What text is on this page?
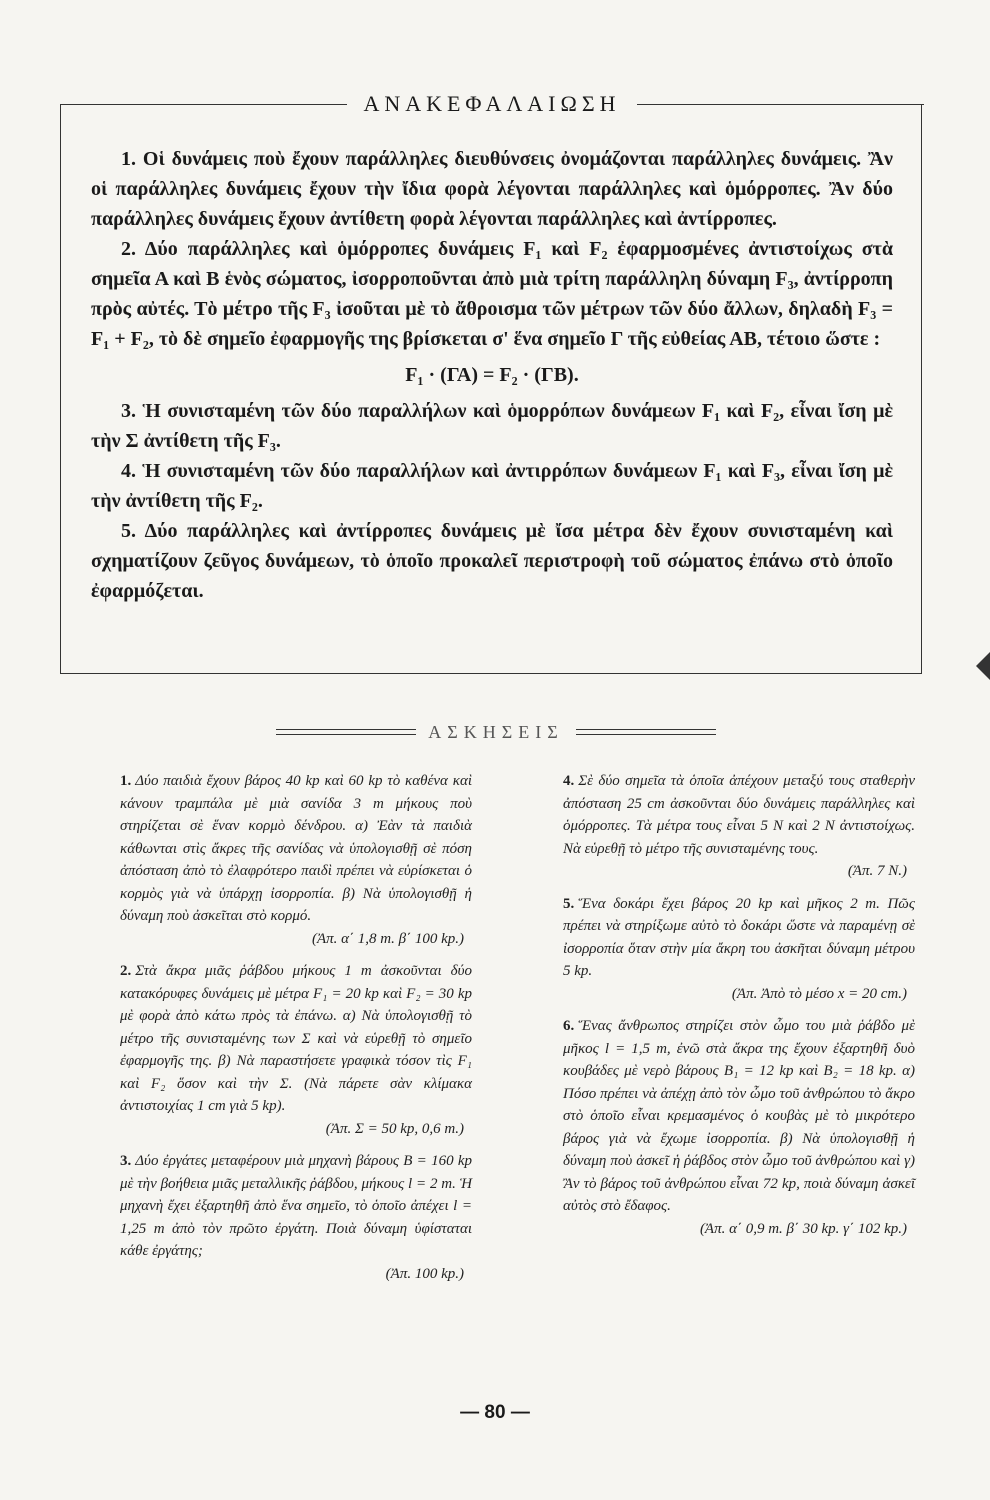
ΑΝΑΚΕΦΑΛΑΙΩΣΗ

1. Οἱ δυνάμεις ποὺ ἔχουν παράλληλες διευθύνσεις ὀνομάζονται παράλληλες δυνάμεις. Ἂν οἱ παράλληλες δυνάμεις ἔχουν τὴν ἴδια φορὰ λέγονται παράλληλες καὶ ὁμόρροπες. Ἂν δύο παράλληλες δυνάμεις ἔχουν ἀντίθετη φορὰ λέγονται παράλληλες καὶ ἀντίρροπες.

2. Δύο παράλληλες καὶ ὁμόρροπες δυνάμεις F₁ καὶ F₂ ἐφαρμοσμένες ἀντιστοίχως στὰ σημεῖα Α καὶ Β ἑνὸς σώματος, ἰσορροποῦνται ἀπὸ μιὰ τρίτη παράλληλη δύναμη F₃, ἀντίρροπη πρὸς αὐτές. Τὸ μέτρο τῆς F₃ ἰσοῦται μὲ τὸ ἄθροισμα τῶν μέτρων τῶν δύο ἄλλων, δηλαδὴ F₃ = F₁ + F₂, τὸ δὲ σημεῖο ἐφαρμογῆς της βρίσκεται σ' ἕνα σημεῖο Γ τῆς εὐθείας ΑΒ, τέτοιο ὥστε :

F₁ · (ΓΑ) = F₂ · (ΓΒ).

3. Ἡ συνισταμένη τῶν δύο παραλλήλων καὶ ὁμορρόπων δυνάμεων F₁ καὶ F₂, εἶναι ἴση μὲ τὴν Σ ἀντίθετη τῆς F₃.

4. Ἡ συνισταμένη τῶν δύο παραλλήλων καὶ ἀντιρρόπων δυνάμεων F₁ καὶ F₃, εἶναι ἴση μὲ τὴν ἀντίθετη τῆς F₂.

5. Δύο παράλληλες καὶ ἀντίρροπες δυνάμεις μὲ ἴσα μέτρα δὲν ἔχουν συνισταμένη καὶ σχηματίζουν ζεῦγος δυνάμεων, τὸ ὁποῖο προκαλεῖ περιστροφὴ τοῦ σώματος ἐπάνω στὸ ὁποῖο ἐφαρμόζεται.

ΑΣΚΗΣΕΙΣ
1. Δύο παιδιὰ ἔχουν βάρος 40 kp καὶ 60 kp τὸ καθένα καὶ κάνουν τραμπάλα μὲ μιὰ σανίδα 3 m μήκους ποὺ στηρίζεται σὲ ἕναν κορμὸ δένδρου. α) Ἐὰν τὰ παιδιὰ κάθωνται στὶς ἄκρες τῆς σανίδας νὰ ὑπολογισθῇ σὲ πόση ἀπόσταση ἀπὸ τὸ ἐλαφρότερο παιδὶ πρέπει νὰ εὑρίσκεται ὁ κορμὸς γιὰ νὰ ὑπάρχῃ ἰσορροπία. β) Νὰ ὑπολογισθῇ ἡ δύναμη ποὺ ἀσκεῖται στὸ κορμό.
(Ἀπ. α΄ 1,8 m. β΄ 100 kp.)
2. Στὰ ἄκρα μιᾶς ῥάβδου μήκους 1 m ἀσκοῦνται δύο κατακόρυφες δυνάμεις μὲ μέτρα F₁ = 20 kp καὶ F₂ = 30 kp μὲ φορὰ ἀπὸ κάτω πρὸς τὰ ἐπάνω. α) Νὰ ὑπολογισθῇ τὸ μέτρο τῆς συνισταμένης των Σ καὶ νὰ εὑρεθῇ τὸ σημεῖο ἐφαρμογῆς της. β) Νὰ παραστήσετε γραφικὰ τόσον τὶς F₁ καὶ F₂ ὅσον καὶ τὴν Σ. (Νὰ πάρετε σὰν κλίμακα ἀντιστοιχίας 1 cm γιὰ 5 kp).
(Ἀπ. Σ = 50 kp, 0,6 m.)
3. Δύο ἐργάτες μεταφέρουν μιὰ μηχανὴ βάρους B = 160 kp μὲ τὴν βοήθεια μιᾶς μεταλλικῆς ῥάβδου, μήκους l = 2 m. Ἡ μηχανὴ ἔχει ἐξαρτηθῆ ἀπὸ ἕνα σημεῖο, τὸ ὁποῖο ἀπέχει l = 1,25 m ἀπὸ τὸν πρῶτο ἐργάτη. Ποιὰ δύναμη ὑφίσταται κάθε ἐργάτης;
(Ἀπ. 100 kp.)
4. Σὲ δύο σημεῖα τὰ ὁποῖα ἀπέχουν μεταξύ τους σταθερὴν ἀπόσταση 25 cm ἀσκοῦνται δύο δυνάμεις παράλληλες καὶ ὁμόρροπες. Τὰ μέτρα τους εἶναι 5 N καὶ 2 N ἀντιστοίχως. Νὰ εὑρεθῇ τὸ μέτρο τῆς συνισταμένης τους.
(Ἀπ. 7 N.)
5. Ἕνα δοκάρι ἔχει βάρος 20 kp καὶ μῆκος 2 m. Πῶς πρέπει νὰ στηρίξωμε αὐτὸ τὸ δοκάρι ὥστε νὰ παραμένῃ σὲ ἰσορροπία ὅταν στὴν μία ἄκρη του ἀσκῆται δύναμη μέτρου 5 kp.
(Ἀπ. Ἀπὸ τὸ μέσο x = 20 cm.)
6. Ἕνας ἄνθρωπος στηρίζει στὸν ὦμο του μιὰ ῥάβδο μὲ μῆκος l = 1,5 m, ἐνῶ στὰ ἄκρα της ἔχουν ἐξαρτηθῆ δυὸ κουβάδες μὲ νερὸ βάρους B₁ = 12 kp καὶ B₂ = 18 kp. α) Πόσο πρέπει νὰ ἀπέχῃ ἀπὸ τὸν ὦμο τοῦ ἀνθρώπου τὸ ἄκρο στὸ ὁποῖο εἶναι κρεμασμένος ὁ κουβὰς μὲ τὸ μικρότερο βάρος γιὰ νὰ ἔχωμε ἰσορροπία. β) Νὰ ὑπολογισθῇ ἡ δύναμη ποὺ ἀσκεῖ ἡ ῥάβδος στὸν ὦμο τοῦ ἀνθρώπου καὶ γ) Ἂν τὸ βάρος τοῦ ἀνθρώπου εἶναι 72 kp, ποιὰ δύναμη ἀσκεῖ αὐτὸς στὸ ἔδαφος.
(Ἀπ. α΄ 0,9 m. β΄ 30 kp. γ΄ 102 kp.)
— 80 —
